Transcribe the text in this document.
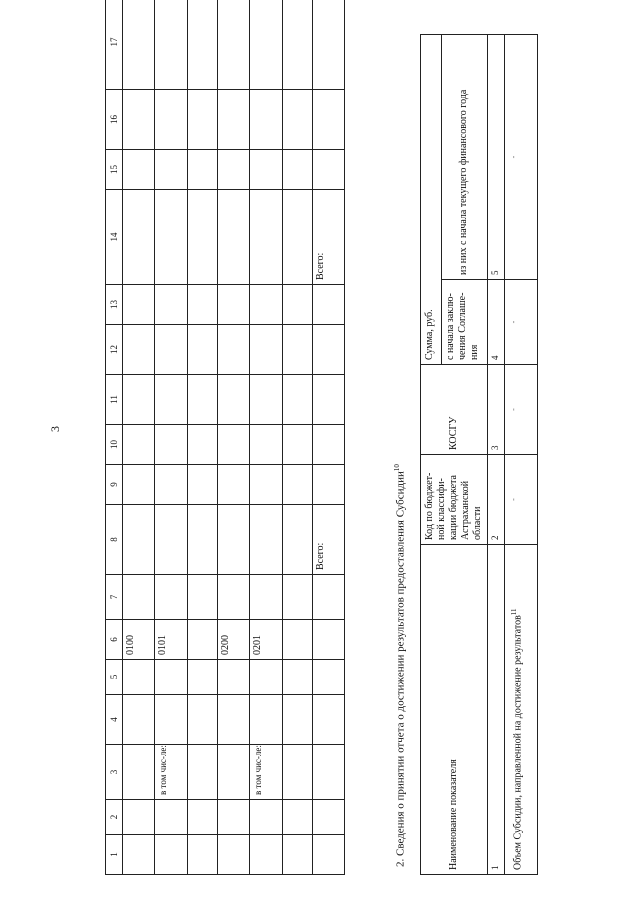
3
1	2	3	4	5	6	7	8	9	10	11	12	13	14	15	16	17
					0100											
		в том чис-ле:			0101											

					0200											
		в том чис-ле:			0201											

							Всего:						Всего:			
2. Сведения о принятии отчета о достижении результатов предоставления Субсидии$^{10}$
Наименование показателя	Код по бюджет-ной классифи-кации бюджета Астраханской области	КОСГУ	Сумма, руб.	
			с начала заклю-чения Соглаше-ния	из них с начала текущего финансового года
1	2	3	4	5
Объем Субсидии, направленной на достижение результатов$^{11}$	-	-	-	-
